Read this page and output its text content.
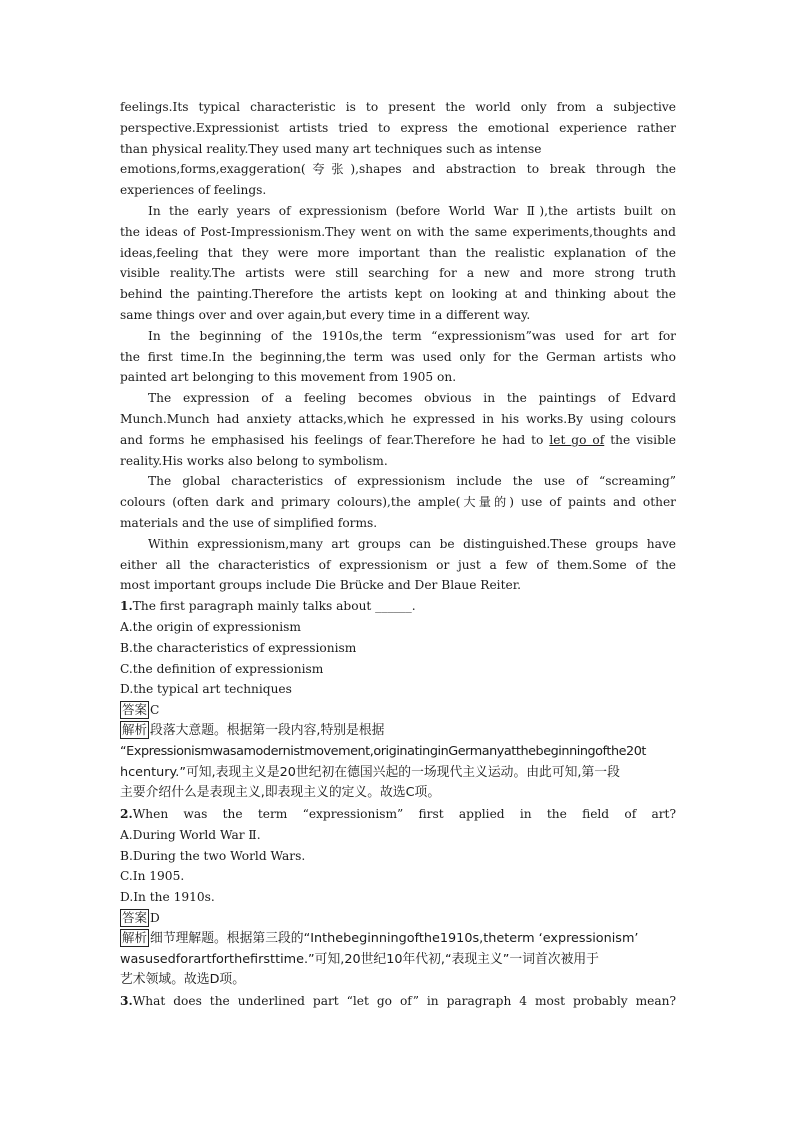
feelings.Its typical characteristic is to present the world only from a subjective
perspective.Expressionist artists tried to express the emotional experience rather
than physical reality.They used many art techniques such as intense
emotions,forms,exaggeration(夸张),shapes and abstraction to break through the
experiences of feelings.
In the early years of expressionism (before World War Ⅱ),the artists built on
the ideas of Post-Impressionism.They went on with the same experiments,thoughts and
ideas,feeling that they were more important than the realistic explanation of the
visible reality.The artists were still searching for a new and more strong truth
behind the painting.Therefore the artists kept on looking at and thinking about the
same things over and over again,but every time in a different way.
In the beginning of the 1910s,the term “expressionism”was used for art for
the first time.In the beginning,the term was used only for the German artists who
painted art belonging to this movement from 1905 on.
The expression of a feeling becomes obvious in the paintings of Edvard
Munch.Munch had anxiety attacks,which he expressed in his works.By using colours
and forms he emphasised his feelings of fear.Therefore he had to let go of the visible
reality.His works also belong to symbolism.
The global characteristics of expressionism include the use of “screaming”
colours (often dark and primary colours),the ample(大量的) use of paints and other
materials and the use of simplified forms.
Within expressionism,many art groups can be distinguished.These groups have
either all the characteristics of expressionism or just a few of them.Some of the
most important groups include Die Brücke and Der Blaue Reiter.
1.The first paragraph mainly talks about ______.
A.the origin of expressionism
B.the characteristics of expressionism
C.the definition of expressionism
D.the typical art techniques
答案 C
解析 段落大意题。根据第一段内容,特别是根据
“Expressionismwasamodernistmovement,originatinginGermanyatthebeginningofthe20t
hcentury.”可知,表现主义是20世纪初在德国兴起的一场现代主义运动。由此可知,第一段
主要介绍什么是表现主义,即表现主义的定义。故选C项。
2.When was the term “expressionism” first applied in the field of art?
A.During World War Ⅱ.
B.During the two World Wars.
C.In 1905.
D.In the 1910s.
答案 D
解析 细节理解题。根据第三段的“Inthebeginningofthe1910s,theterm ‘expressionism’
wasusedforartforthefirsttime.”可知,20世纪10年代初,“表现主义”一词首次被用于
艺术领域。故选D项。
3.What does the underlined part “let go of” in paragraph 4 most probably mean?
